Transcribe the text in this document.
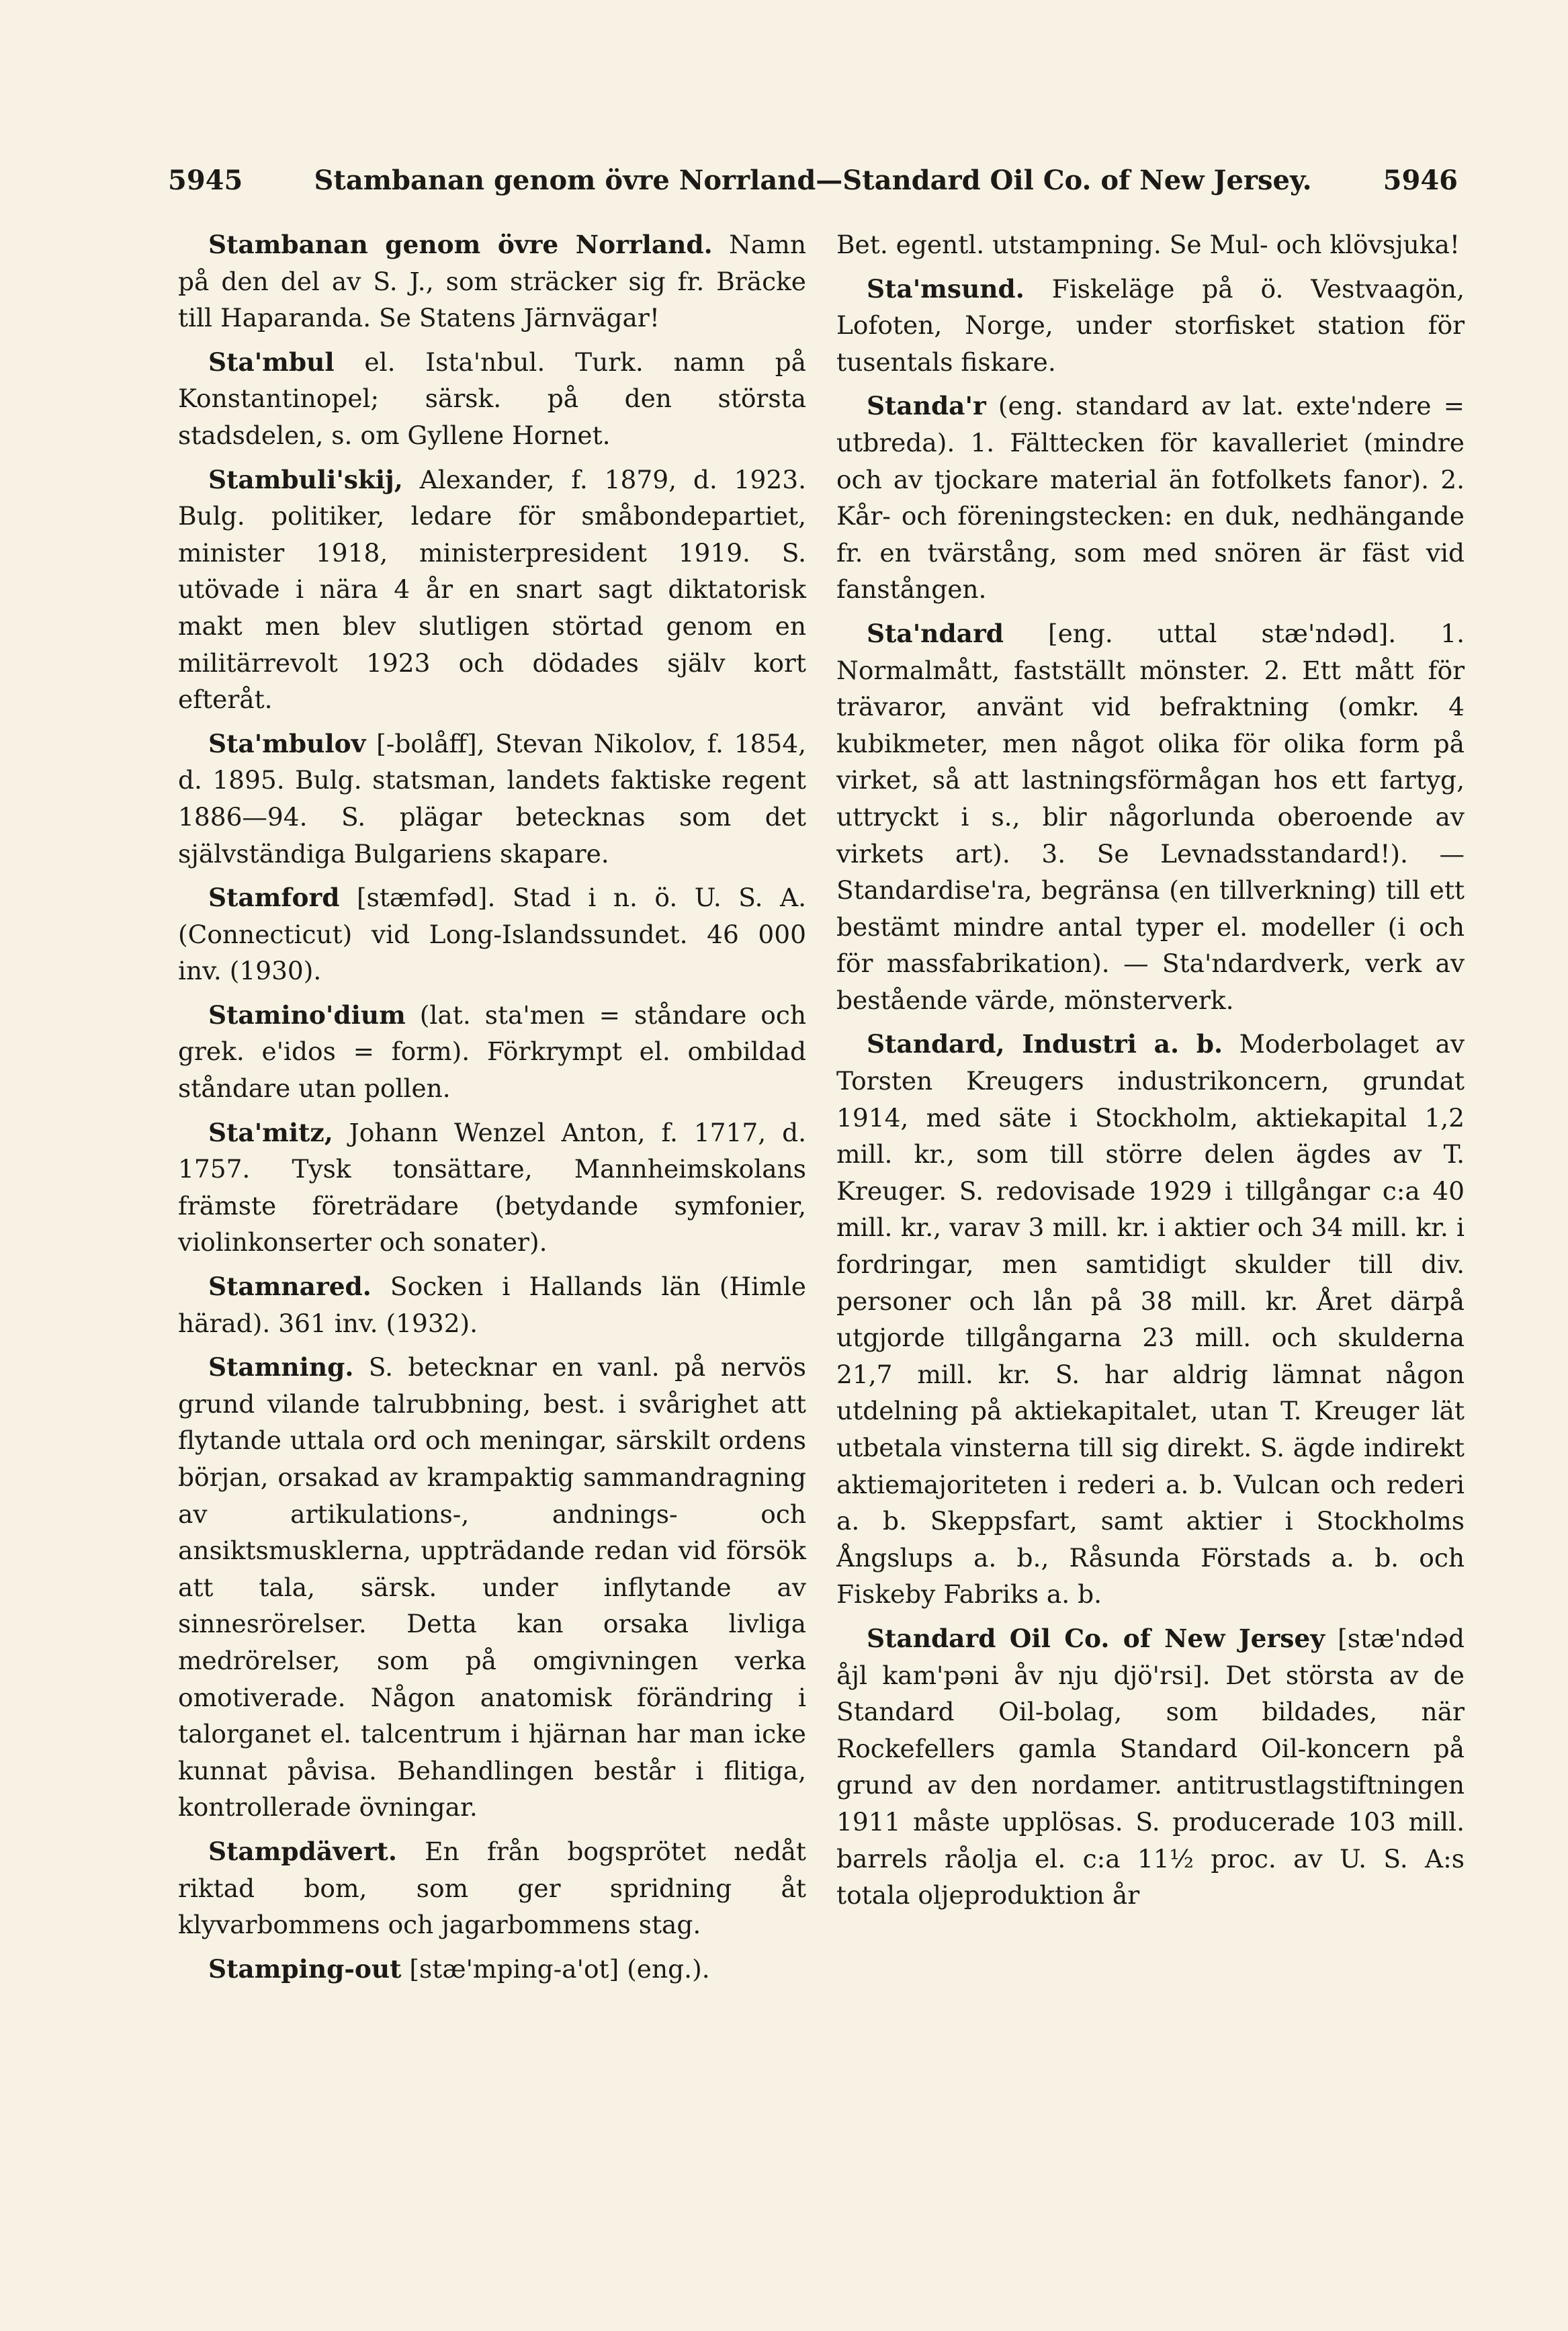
5945	Stambanan genom övre Norrland—Standard Oil Co. of New Jersey.	5946

Stambanan genom övre Norrland. Namn på den del av S. J., som sträcker sig fr. Bräcke till Haparanda. Se Statens Järnvägar!

Sta'mbul el. Ista'nbul. Turk. namn på Konstantinopel; särsk. på den största stadsdelen, s. om Gyllene Hornet.

Stambuli'skij, Alexander, f. 1879, d. 1923. Bulg. politiker, ledare för småbondepartiet, minister 1918, ministerpresident 1919. S. utövade i nära 4 år en snart sagt diktatorisk makt men blev slutligen störtad genom en militärrevolt 1923 och dödades själv kort efteråt.

Sta'mbulov [-bolåff], Stevan Nikolov, f. 1854, d. 1895. Bulg. statsman, landets faktiske regent 1886—94. S. plägar betecknas som det självständiga Bulgariens skapare.

Stamford [stæmfəd]. Stad i n. ö. U. S. A. (Connecticut) vid Long-Islandssundet. 46 000 inv. (1930).

Stamino'dium (lat. sta'men = ståndare och grek. e'idos = form). Förkrympt el. ombildad ståndare utan pollen.

Sta'mitz, Johann Wenzel Anton, f. 1717, d. 1757. Tysk tonsättare, Mannheimskolans främste företrädare (betydande symfonier, violinkonserter och sonater).

Stamnared. Socken i Hallands län (Himle härad). 361 inv. (1932).

Stamning. S. betecknar en vanl. på nervös grund vilande talrubbning, best. i svårighet att flytande uttala ord och meningar, särskilt ordens början, orsakad av krampaktig sammandragning av artikulations-, andnings- och ansiktsmusklerna, uppträdande redan vid försök att tala, särsk. under inflytande av sinnesrörelser. Detta kan orsaka livliga medrörelser, som på omgivningen verka omotiverade. Någon anatomisk förändring i talorganet el. talcentrum i hjärnan har man icke kunnat påvisa. Behandlingen består i flitiga, kontrollerade övningar.

Stampdävert. En från bogsprötet nedåt riktad bom, som ger spridning åt klyvarbommens och jagarbommens stag.

Stamping-out [stæ'mping-a'ot] (eng.).

Bet. egentl. utstampning. Se Mul- och klövsjuka!

Sta'msund. Fiskeläge på ö. Vestvaagön, Lofoten, Norge, under storfisket station för tusentals fiskare.

Standa'r (eng. standard av lat. exte'ndere = utbreda). 1. Fälttecken för kavalleriet (mindre och av tjockare material än fotfolkets fanor). 2. Kår- och föreningstecken: en duk, nedhängande fr. en tvärstång, som med snören är fäst vid fanstången.

Sta'ndard [eng. uttal stæ'ndəd]. 1. Normalmått, fastställt mönster. 2. Ett mått för trävaror, använt vid befraktning (omkr. 4 kubikmeter, men något olika för olika form på virket, så att lastningsförmågan hos ett fartyg, uttryckt i s., blir någorlunda oberoende av virkets art). 3. Se Levnadsstandard!). — Standardise'ra, begränsa (en tillverkning) till ett bestämt mindre antal typer el. modeller (i och för massfabrikation). — Sta'ndardverk, verk av bestående värde, mönsterverk.

Standard, Industri a. b. Moderbolaget av Torsten Kreugers industrikoncern, grundat 1914, med säte i Stockholm, aktiekapital 1,2 mill. kr., som till större delen ägdes av T. Kreuger. S. redovisade 1929 i tillgångar c:a 40 mill. kr., varav 3 mill. kr. i aktier och 34 mill. kr. i fordringar, men samtidigt skulder till div. personer och lån på 38 mill. kr. Året därpå utgjorde tillgångarna 23 mill. och skulderna 21,7 mill. kr. S. har aldrig lämnat någon utdelning på aktiekapitalet, utan T. Kreuger lät utbetala vinsterna till sig direkt. S. ägde indirekt aktiemajoriteten i rederi a. b. Vulcan och rederi a. b. Skeppsfart, samt aktier i Stockholms Ångslups a. b., Råsunda Förstads a. b. och Fiskeby Fabriks a. b.

Standard Oil Co. of New Jersey [stæ'ndəd åjl kam'pəni åv nju djö'rsi]. Det största av de Standard Oil-bolag, som bildades, när Rockefellers gamla Standard Oil-koncern på grund av den nordamer. antitrustlagstiftningen 1911 måste upplösas. S. producerade 103 mill. barrels råolja el. c:a 11½ proc. av U. S. A:s totala oljeproduktion år
